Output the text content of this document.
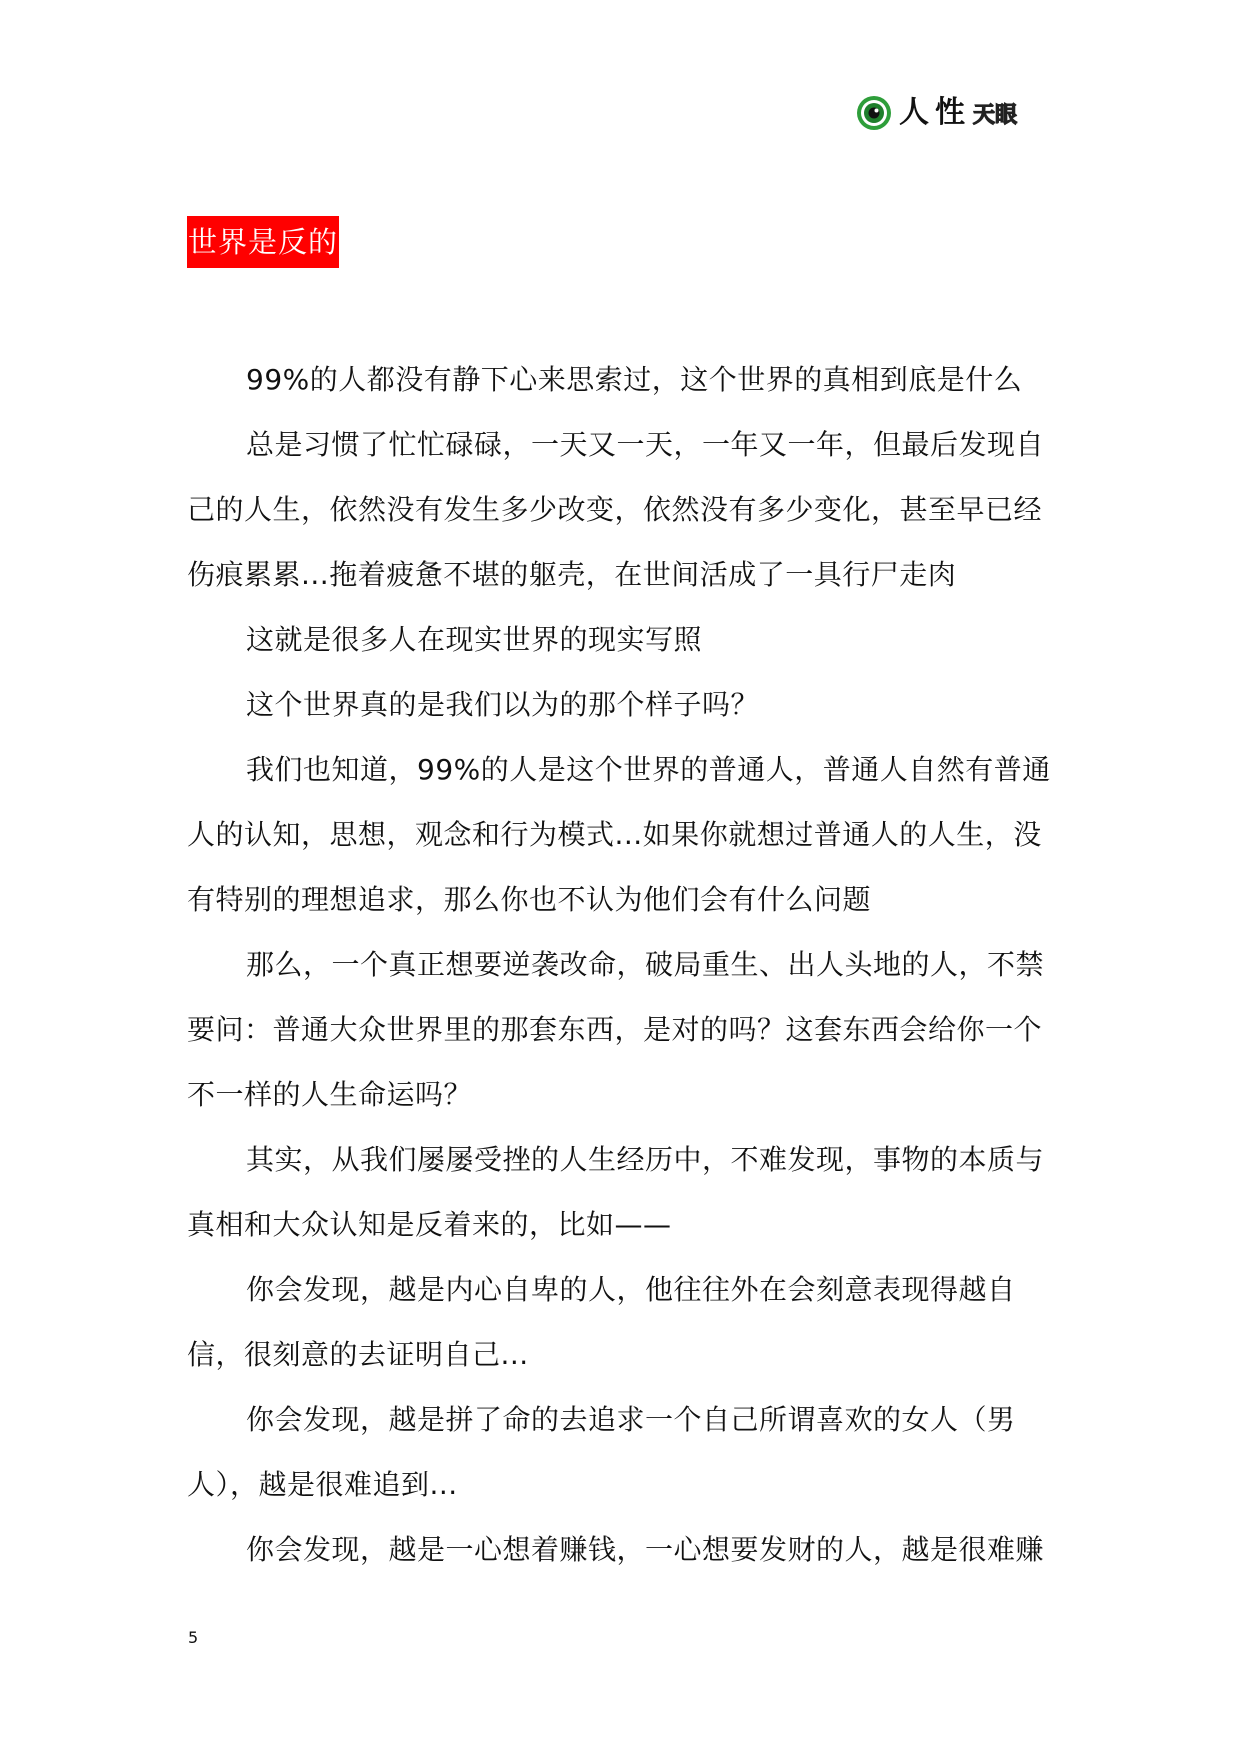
人性 天眼
世界是反的

99%的人都没有静下心来思索过，这个世界的真相到底是什么

总是习惯了忙忙碌碌，一天又一天，一年又一年，但最后发现自己的人生，依然没有发生多少改变，依然没有多少变化，甚至早已经伤痕累累...拖着疲惫不堪的躯壳，在世间活成了一具行尸走肉

这就是很多人在现实世界的现实写照

这个世界真的是我们以为的那个样子吗？

我们也知道，99%的人是这个世界的普通人，普通人自然有普通人的认知，思想，观念和行为模式...如果你就想过普通人的人生，没有特别的理想追求，那么你也不认为他们会有什么问题

那么，一个真正想要逆袭改命，破局重生、出人头地的人，不禁要问：普通大众世界里的那套东西，是对的吗？这套东西会给你一个不一样的人生命运吗？

其实，从我们屡屡受挫的人生经历中，不难发现，事物的本质与真相和大众认知是反着来的，比如——

你会发现，越是内心自卑的人，他往往外在会刻意表现得越自信，很刻意的去证明自己...

你会发现，越是拼了命的去追求一个自己所谓喜欢的女人（男人），越是很难追到...

你会发现，越是一心想着赚钱，一心想要发财的人，越是很难赚

5
